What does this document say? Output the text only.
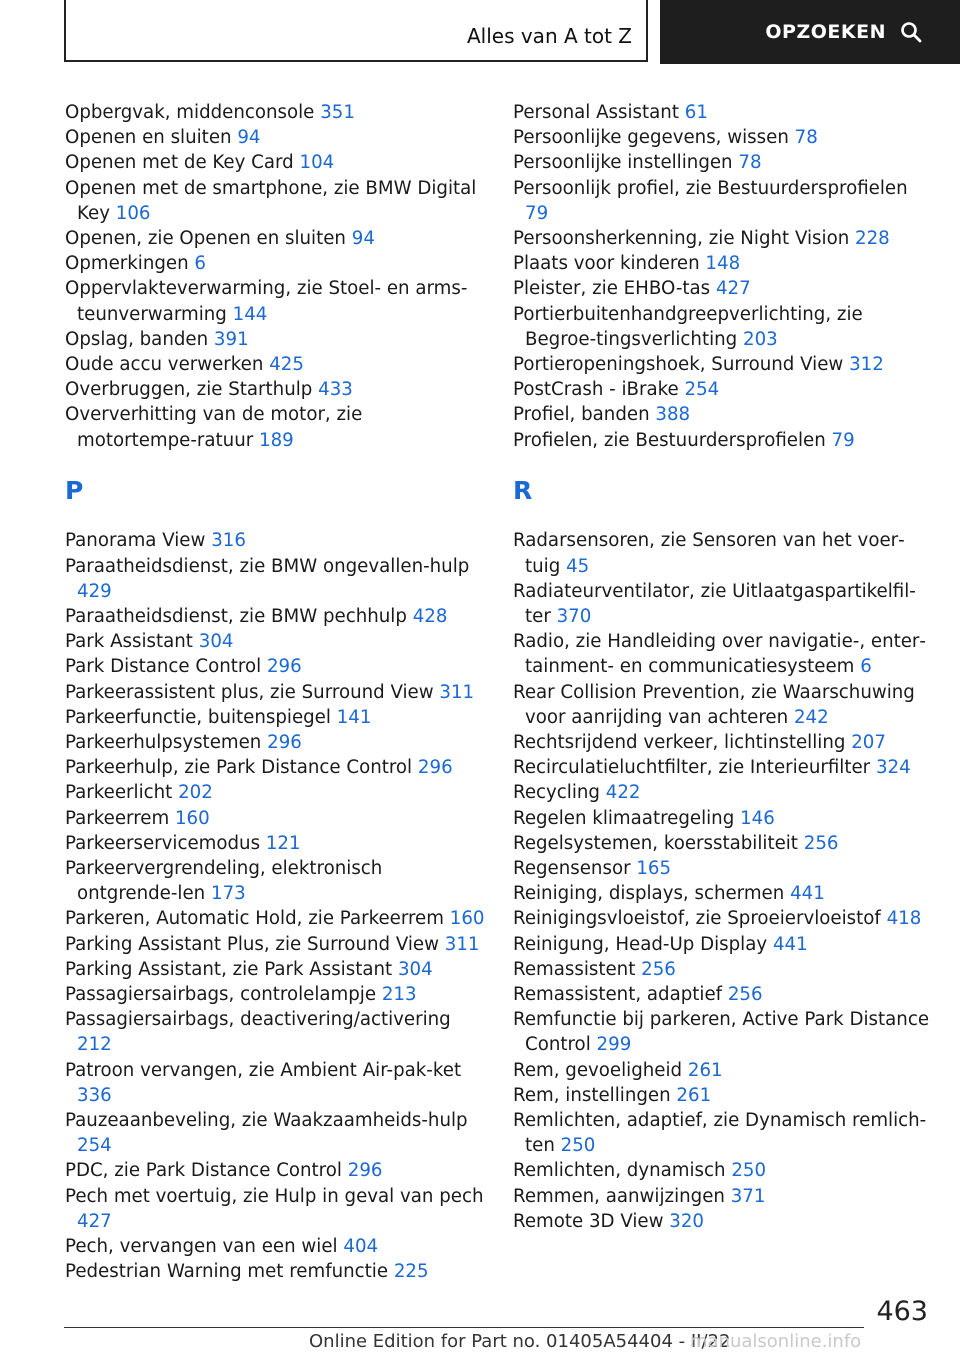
Alles van A tot Z	OPZOEKEN
Opbergvak, middenconsole 351
Openen en sluiten 94
Openen met de Key Card 104
Openen met de smartphone, zie BMW Digital Key 106
Openen, zie Openen en sluiten 94
Opmerkingen 6
Oppervlakteverwarming, zie Stoel- en arms‐teunverwarming 144
Opslag, banden 391
Oude accu verwerken 425
Overbruggen, zie Starthulp 433
Oververhitting van de motor, zie motortempe‐ratuur 189
P
Panorama View 316
Paraatheidsdienst, zie BMW ongevallen‐hulp 429
Paraatheidsdienst, zie BMW pechhulp 428
Park Assistant 304
Park Distance Control 296
Parkeerassistent plus, zie Surround View 311
Parkeerfunctie, buitenspiegel 141
Parkeerhulpsystemen 296
Parkeerhulp, zie Park Distance Control 296
Parkeerlicht 202
Parkeerrem 160
Parkeerservicemodus 121
Parkeervergrendeling, elektronisch ontgrende‐len 173
Parkeren, Automatic Hold, zie Parkeerrem 160
Parking Assistant Plus, zie Surround View 311
Parking Assistant, zie Park Assistant 304
Passagiersairbags, controlelampje 213
Passagiersairbags, deactivering/activering 212
Patroon vervangen, zie Ambient Air-pak‐ket 336
Pauzeaanbeveling, zie Waakzaamheids‐hulp 254
PDC, zie Park Distance Control 296
Pech met voertuig, zie Hulp in geval van pech 427
Pech, vervangen van een wiel 404
Pedestrian Warning met remfunctie 225
Personal Assistant 61
Persoonlijke gegevens, wissen 78
Persoonlijke instellingen 78
Persoonlijk profiel, zie Bestuurdersprofielen 79
Persoonsherkenning, zie Night Vision 228
Plaats voor kinderen 148
Pleister, zie EHBO-tas 427
Portierbuitenhandgreepverlichting, zie Begroe‐tingsverlichting 203
Portieropeningshoek, Surround View 312
PostCrash - iBrake 254
Profiel, banden 388
Profielen, zie Bestuurdersprofielen 79
R
Radarsensoren, zie Sensoren van het voer‐tuig 45
Radiateurventilator, zie Uitlaatgaspartikelfil‐ter 370
Radio, zie Handleiding over navigatie-, enter‐tainment- en communicatiesysteem 6
Rear Collision Prevention, zie Waarschuwing voor aanrijding van achteren 242
Rechtsrijdend verkeer, lichtinstelling 207
Recirculatieluchtfilter, zie Interieurfilter 324
Recycling 422
Regelen klimaatregeling 146
Regelsystemen, koersstabiliteit 256
Regensensor 165
Reiniging, displays, schermen 441
Reinigingsvloeistof, zie Sproeiervloeistof 418
Reinigung, Head-Up Display 441
Remassistent 256
Remassistent, adaptief 256
Remfunctie bij parkeren, Active Park Distance Control 299
Rem, gevoeligheid 261
Rem, instellingen 261
Remlichten, adaptief, zie Dynamisch remlich‐ten 250
Remlichten, dynamisch 250
Remmen, aanwijzingen 371
Remote 3D View 320
463
Online Edition for Part no. 01405A54404 - II/22
manualsonline.info
